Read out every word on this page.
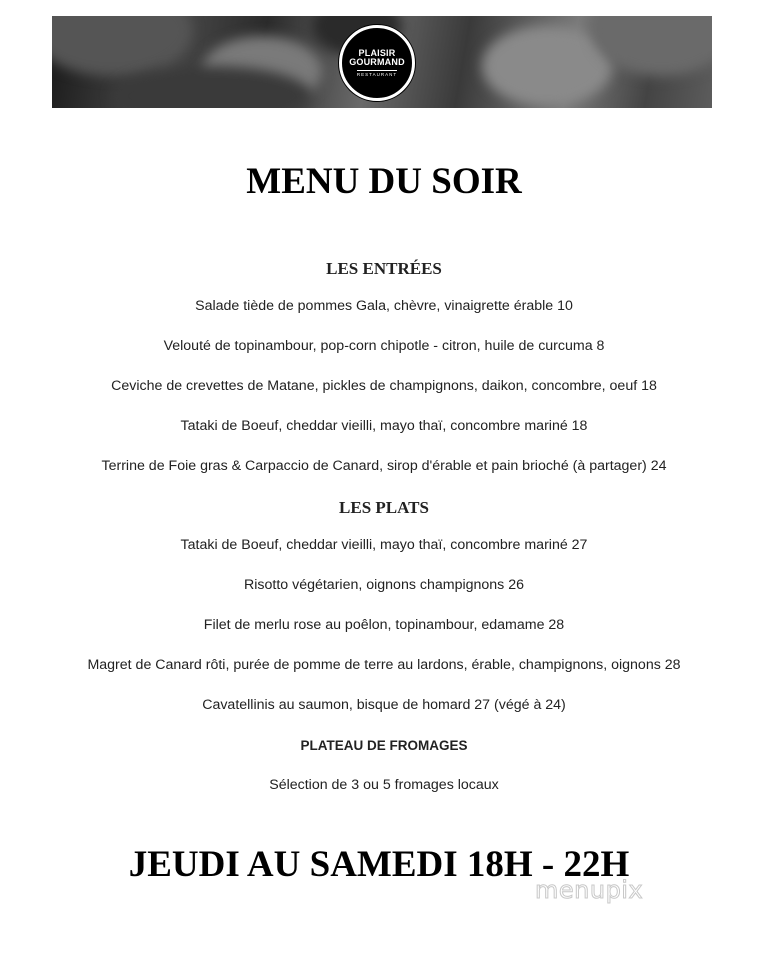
PLAISIR
GOURMAND
RESTAURANT
MENU DU SOIR
LES ENTRÉES
Salade tiède de pommes Gala, chèvre, vinaigrette érable 10
Velouté de topinambour, pop-corn chipotle - citron, huile de curcuma 8
Ceviche de crevettes de Matane, pickles de champignons, daikon, concombre, oeuf 18
Tataki de Boeuf, cheddar vieilli, mayo thaï, concombre mariné 18
Terrine de Foie gras & Carpaccio de Canard, sirop d'érable et pain brioché (à partager) 24
LES PLATS
Tataki de Boeuf, cheddar vieilli, mayo thaï, concombre mariné 27
Risotto végétarien, oignons champignons 26
Filet de merlu rose au poêlon, topinambour, edamame 28
Magret de Canard rôti, purée de pomme de terre au lardons, érable, champignons, oignons 28
Cavatellinis au saumon, bisque de homard 27 (végé à 24)
PLATEAU DE FROMAGES
Sélection de 3 ou 5 fromages locaux
JEUDI AU SAMEDI 18H - 22H
menupix
